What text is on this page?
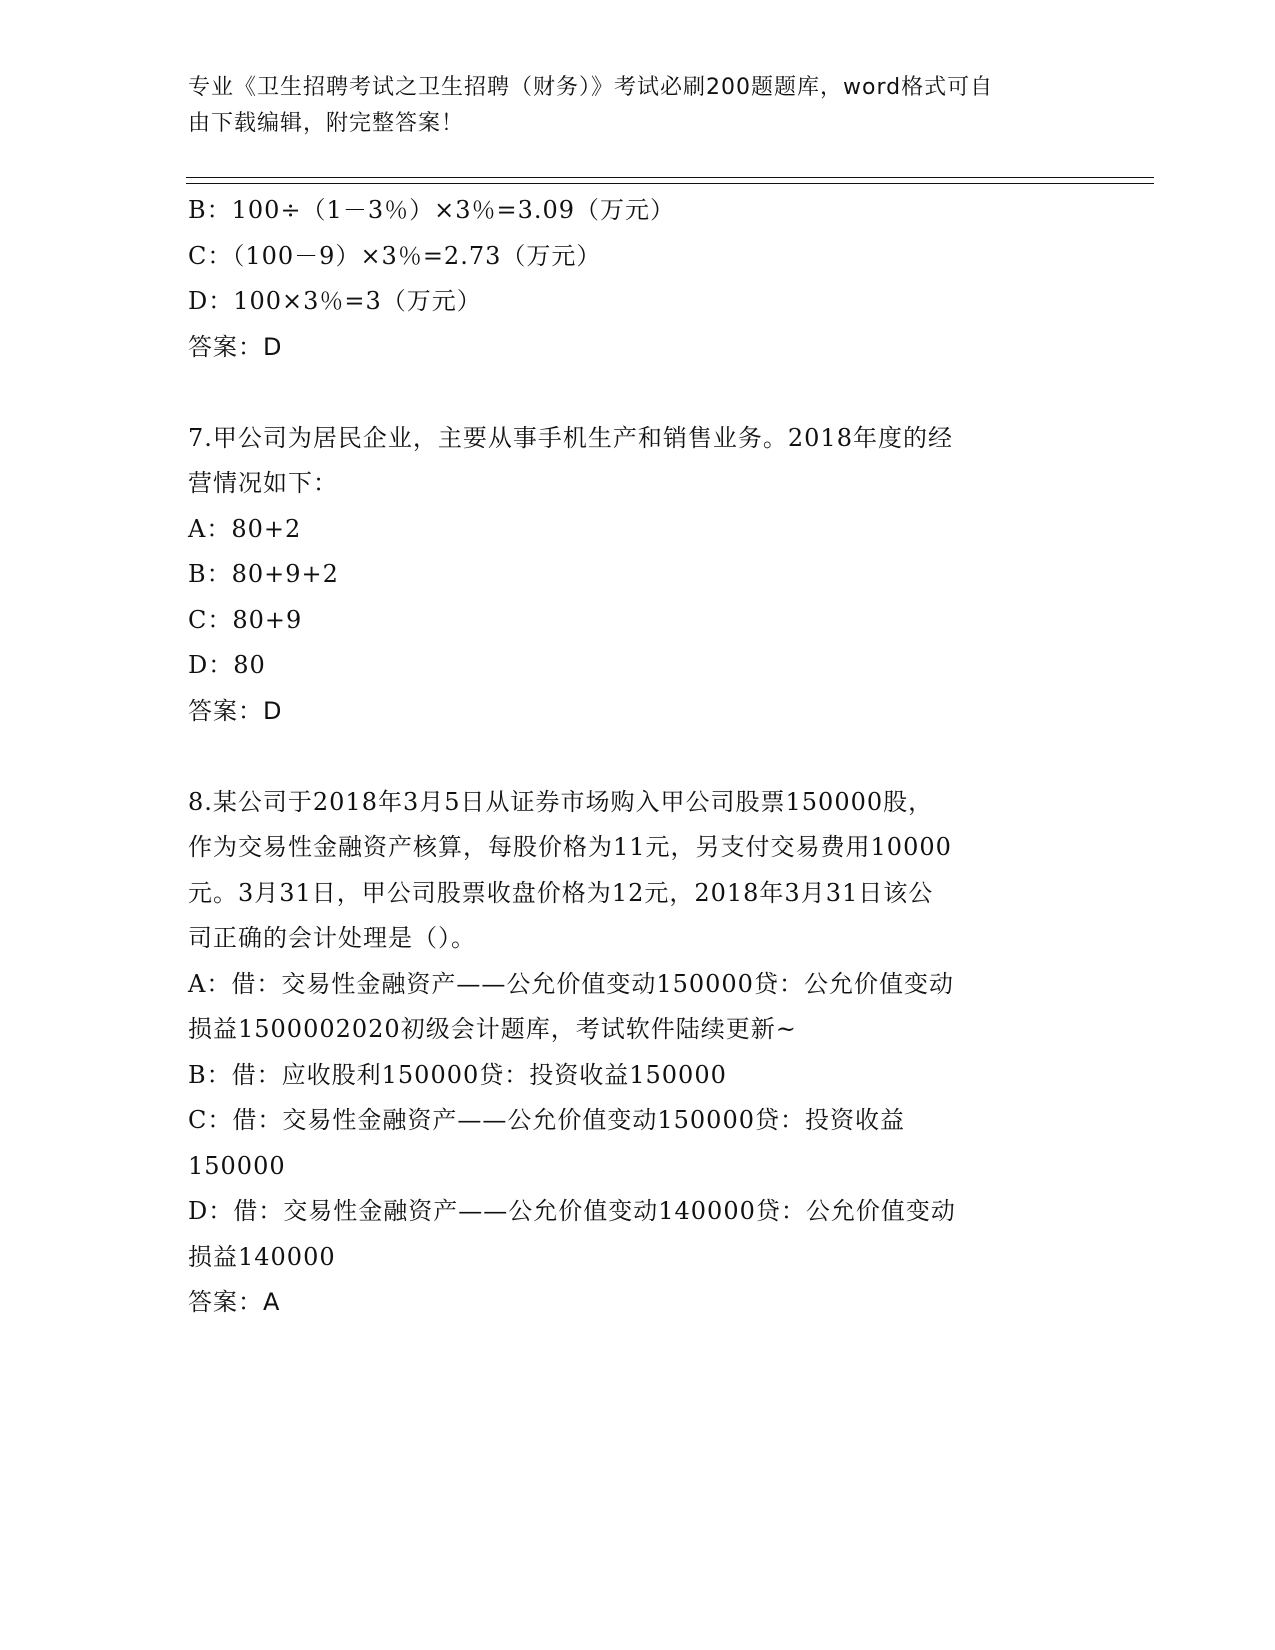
专业《卫生招聘考试之卫生招聘（财务）》考试必刷200题题库，word格式可自
由下载编辑，附完整答案！
B：100÷（1－3％）×3％=3.09（万元）
C：（100－9）×3％=2.73（万元）
D：100×3％=3（万元）
答案：D
7.甲公司为居民企业，主要从事手机生产和销售业务。2018年度的经
营情况如下：
A：80+2
B：80+9+2
C：80+9
D：80
答案：D
8.某公司于2018年3月5日从证券市场购入甲公司股票150000股，
作为交易性金融资产核算，每股价格为11元，另支付交易费用10000
元。3月31日，甲公司股票收盘价格为12元，2018年3月31日该公
司正确的会计处理是（）。
A：借：交易性金融资产——公允价值变动150000贷：公允价值变动
损益1500002020初级会计题库，考试软件陆续更新~
B：借：应收股利150000贷：投资收益150000
C：借：交易性金融资产——公允价值变动150000贷：投资收益
150000
D：借：交易性金融资产——公允价值变动140000贷：公允价值变动
损益140000
答案：A
